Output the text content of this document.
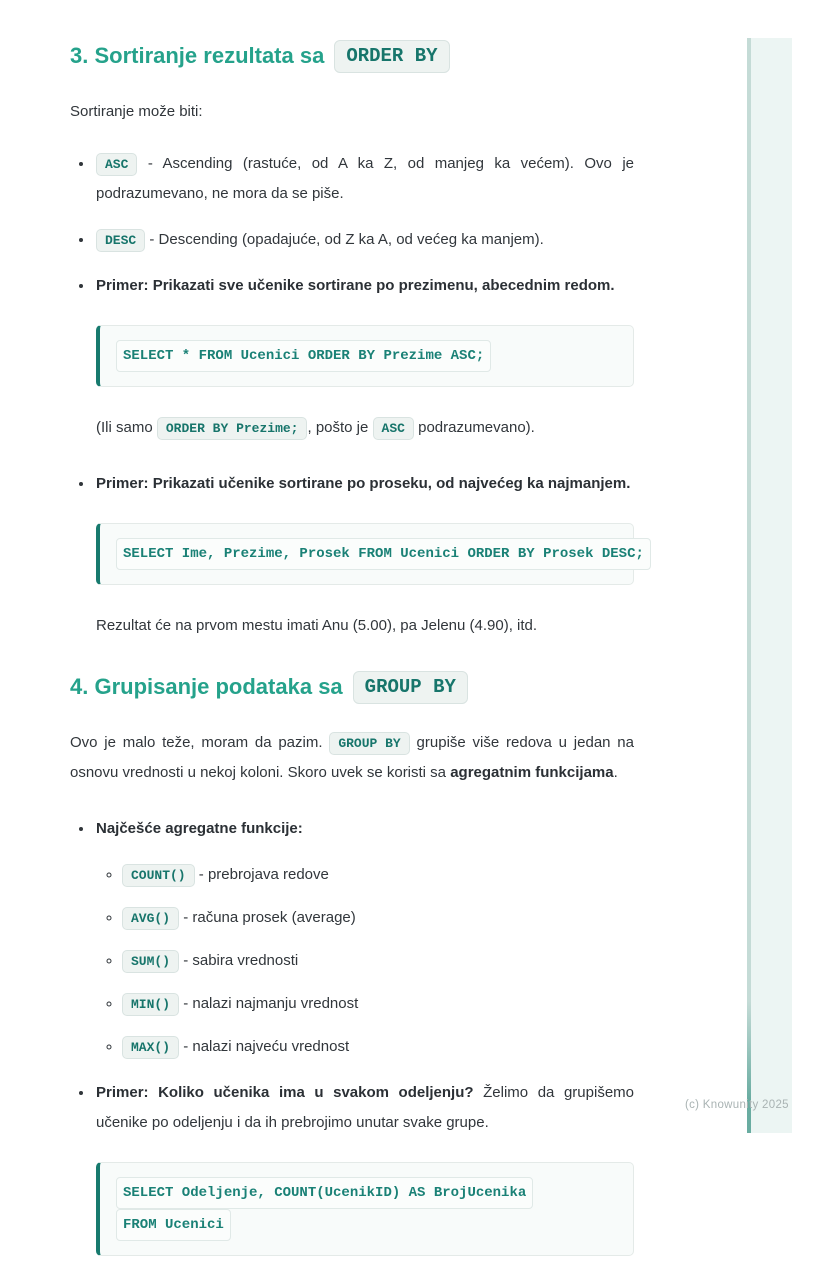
(c) Knowunity 2025
3. Sortiranje rezultata sa	ORDER BY

Sortiranje može biti:

• ASC - Ascending (rastuće, od A ka Z, od manjeg ka većem). Ovo je podrazumevano, ne mora da se piše.
• DESC - Descending (opadajuće, od Z ka A, od većeg ka manjem).
• Primer: Prikazati sve učenike sortirane po prezimenu, abecednim redom.
SELECT * FROM Ucenici ORDER BY Prezime ASC;

(Ili samo ORDER BY Prezime; , pošto je ASC podrazumevano).

• Primer: Prikazati učenike sortirane po proseku, od najvećeg ka najmanjem.
SELECT Ime, Prezime, Prosek FROM Ucenici ORDER BY Prosek DESC;

Rezultat će na prvom mestu imati Anu (5.00), pa Jelenu (4.90), itd.

4. Grupisanje podataka sa	GROUP BY

Ovo je malo teže, moram da pazim. GROUP BY grupiše više redova u jedan na osnovu vrednosti u nekoj koloni. Skoro uvek se koristi sa agregatnim funkcijama.

• Najčešće agregatne funkcije:
◦ COUNT() - prebrojava redove
◦ AVG() - računa prosek (average)
◦ SUM() - sabira vrednosti
◦ MIN() - nalazi najmanju vrednost
◦ MAX() - nalazi najveću vrednost
• Primer: Koliko učenika ima u svakom odeljenju? Želimo da grupišemo učenike po odeljenju i da ih prebrojimo unutar svake grupe.
SELECT Odeljenje, COUNT(UcenikID) AS BrojUcenika
FROM Ucenici
